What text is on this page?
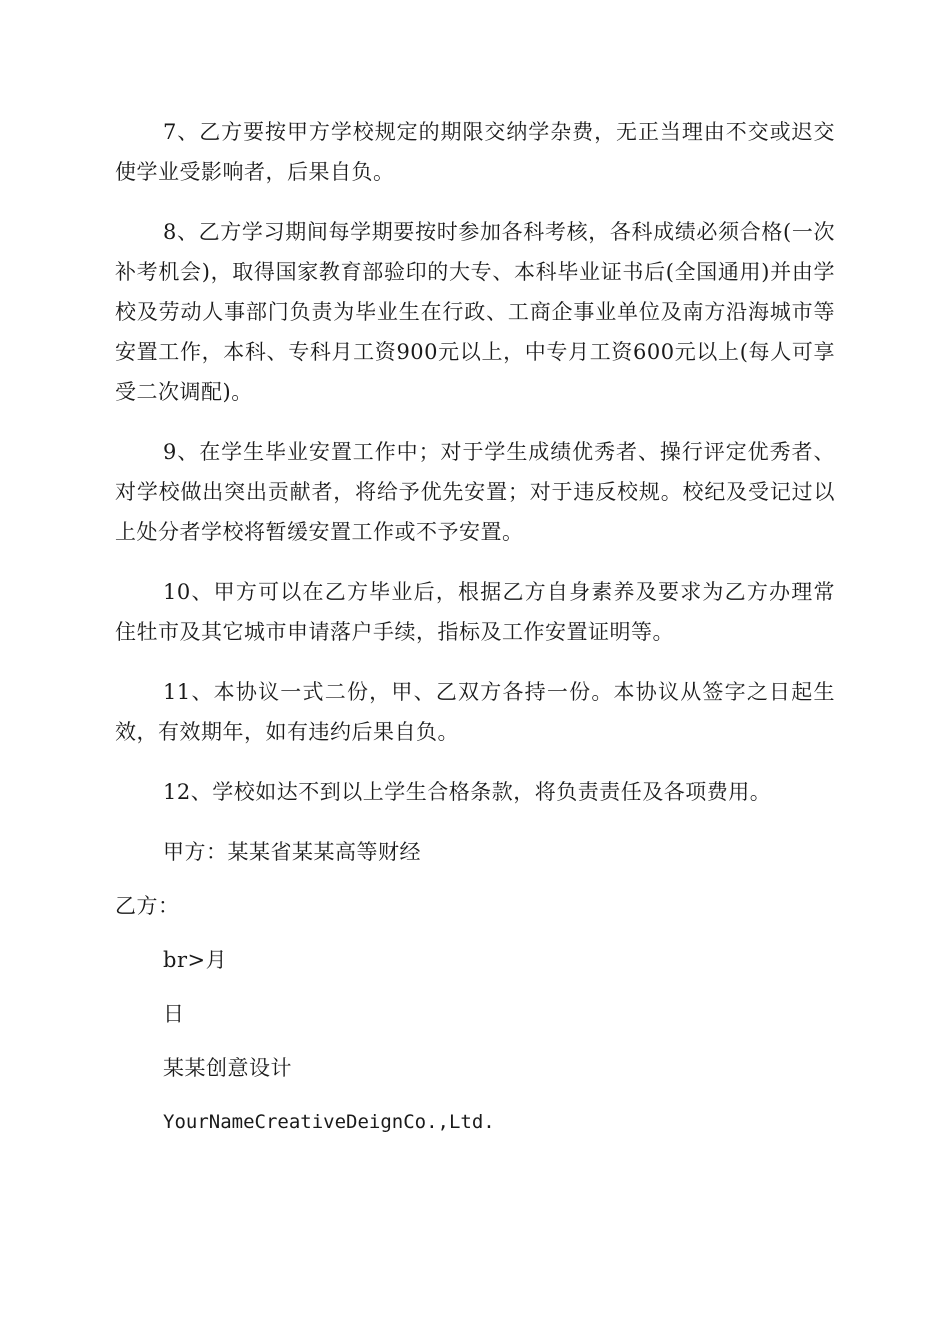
7、乙方要按甲方学校规定的期限交纳学杂费，无正当理由不交或迟交使学业受影响者，后果自负。

8、乙方学习期间每学期要按时参加各科考核，各科成绩必须合格(一次补考机会)，取得国家教育部验印的大专、本科毕业证书后(全国通用)并由学校及劳动人事部门负责为毕业生在行政、工商企事业单位及南方沿海城市等安置工作，本科、专科月工资900元以上，中专月工资600元以上(每人可享受二次调配)。

9、在学生毕业安置工作中；对于学生成绩优秀者、操行评定优秀者、对学校做出突出贡献者，将给予优先安置；对于违反校规。校纪及受记过以上处分者学校将暂缓安置工作或不予安置。

10、甲方可以在乙方毕业后，根据乙方自身素养及要求为乙方办理常住牡市及其它城市申请落户手续，指标及工作安置证明等。

11、本协议一式二份，甲、乙双方各持一份。本协议从签字之日起生效，有效期年，如有违约后果自负。

12、学校如达不到以上学生合格条款，将负责责任及各项费用。

甲方：某某省某某高等财经

乙方：

br>月

日

某某创意设计

YourNameCreativeDeignCo.,Ltd.
